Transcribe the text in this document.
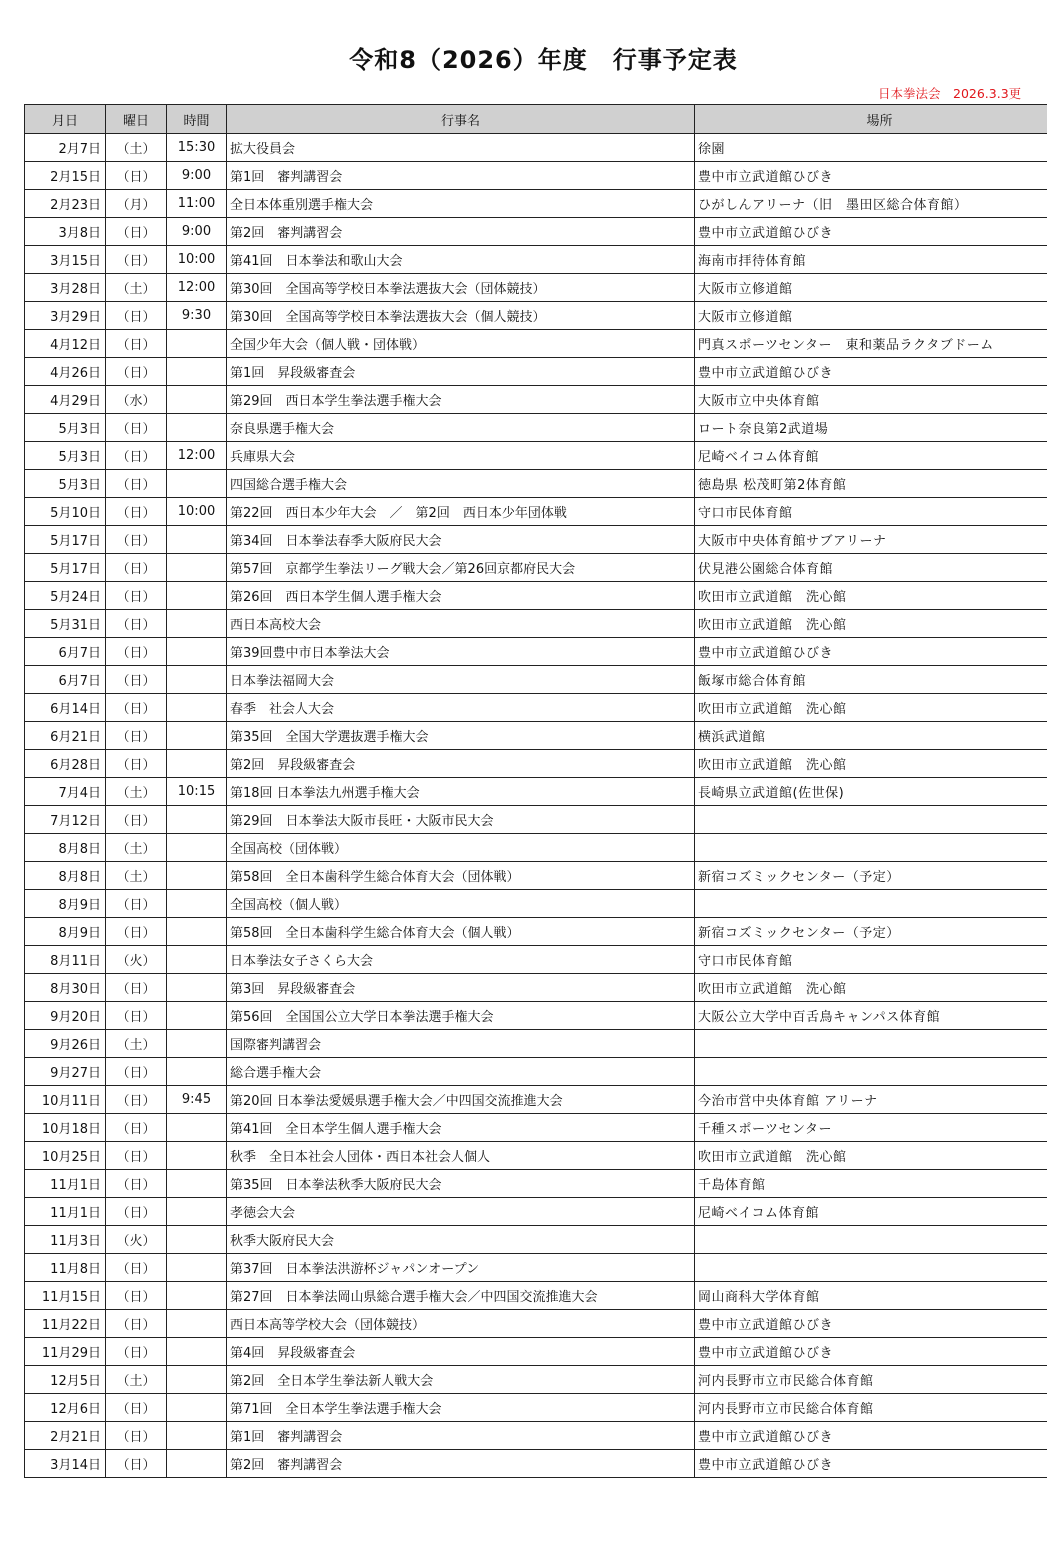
令和8（2026）年度　行事予定表
日本拳法会　2026.3.3更
月日	曜日	時間	行事名	場所
2月7日	（土）	15:30	拡大役員会	徐園
2月15日	（日）	9:00	第1回　審判講習会	豊中市立武道館ひびき
2月23日	（月）	11:00	全日本体重別選手権大会	ひがしんアリーナ（旧　墨田区総合体育館）
3月8日	（日）	9:00	第2回　審判講習会	豊中市立武道館ひびき
3月15日	（日）	10:00	第41回　日本拳法和歌山大会	海南市拝待体育館
3月28日	（土）	12:00	第30回　全国高等学校日本拳法選抜大会（団体競技）	大阪市立修道館
3月29日	（日）	9:30	第30回　全国高等学校日本拳法選抜大会（個人競技）	大阪市立修道館
4月12日	（日）		全国少年大会（個人戦・団体戦）	門真スポーツセンター　東和薬品ラクタブドーム
4月26日	（日）		第1回　昇段級審査会	豊中市立武道館ひびき
4月29日	（水）		第29回　西日本学生拳法選手権大会	大阪市立中央体育館
5月3日	（日）		奈良県選手権大会	ロート奈良第2武道場
5月3日	（日）	12:00	兵庫県大会	尼崎ベイコム体育館
5月3日	（日）		四国総合選手権大会	徳島県 松茂町第2体育館
5月10日	（日）	10:00	第22回　西日本少年大会　／　第2回　西日本少年団体戦	守口市民体育館
5月17日	（日）		第34回　日本拳法春季大阪府民大会	大阪市中央体育館サブアリーナ
5月17日	（日）		第57回　京都学生拳法リーグ戦大会／第26回京都府民大会	伏見港公園総合体育館
5月24日	（日）		第26回　西日本学生個人選手権大会	吹田市立武道館　洗心館
5月31日	（日）		西日本高校大会	吹田市立武道館　洗心館
6月7日	（日）		第39回豊中市日本拳法大会	豊中市立武道館ひびき
6月7日	（日）		日本拳法福岡大会	飯塚市総合体育館
6月14日	（日）		春季　社会人大会	吹田市立武道館　洗心館
6月21日	（日）		第35回　全国大学選抜選手権大会	横浜武道館
6月28日	（日）		第2回　昇段級審査会	吹田市立武道館　洗心館
7月4日	（土）	10:15	第18回 日本拳法九州選手権大会	長崎県立武道館(佐世保)
7月12日	（日）		第29回　日本拳法大阪市長旺・大阪市民大会	
8月8日	（土）		全国高校（団体戦）	
8月8日	（土）		第58回　全日本歯科学生総合体育大会（団体戦）	新宿コズミックセンター（予定）
8月9日	（日）		全国高校（個人戦）	
8月9日	（日）		第58回　全日本歯科学生総合体育大会（個人戦）	新宿コズミックセンター（予定）
8月11日	（火）		日本拳法女子さくら大会	守口市民体育館
8月30日	（日）		第3回　昇段級審査会	吹田市立武道館　洗心館
9月20日	（日）		第56回　全国国公立大学日本拳法選手権大会	大阪公立大学中百舌鳥キャンパス体育館
9月26日	（土）		国際審判講習会	
9月27日	（日）		総合選手権大会	
10月11日	（日）	9:45	第20回 日本拳法愛媛県選手権大会／中四国交流推進大会	今治市営中央体育館 アリーナ
10月18日	（日）		第41回　全日本学生個人選手権大会	千種スポーツセンター
10月25日	（日）		秋季　全日本社会人団体・西日本社会人個人	吹田市立武道館　洗心館
11月1日	（日）		第35回　日本拳法秋季大阪府民大会	千島体育館
11月1日	（日）		孝徳会大会	尼崎ベイコム体育館
11月3日	（火）		秋季大阪府民大会	
11月8日	（日）		第37回　日本拳法洪游杯ジャパンオープン	
11月15日	（日）		第27回　日本拳法岡山県総合選手権大会／中四国交流推進大会	岡山商科大学体育館
11月22日	（日）		西日本高等学校大会（団体競技）	豊中市立武道館ひびき
11月29日	（日）		第4回　昇段級審査会	豊中市立武道館ひびき
12月5日	（土）		第2回　全日本学生拳法新人戦大会	河内長野市立市民総合体育館
12月6日	（日）		第71回　全日本学生拳法選手権大会	河内長野市立市民総合体育館
2月21日	（日）		第1回　審判講習会	豊中市立武道館ひびき
3月14日	（日）		第2回　審判講習会	豊中市立武道館ひびき
